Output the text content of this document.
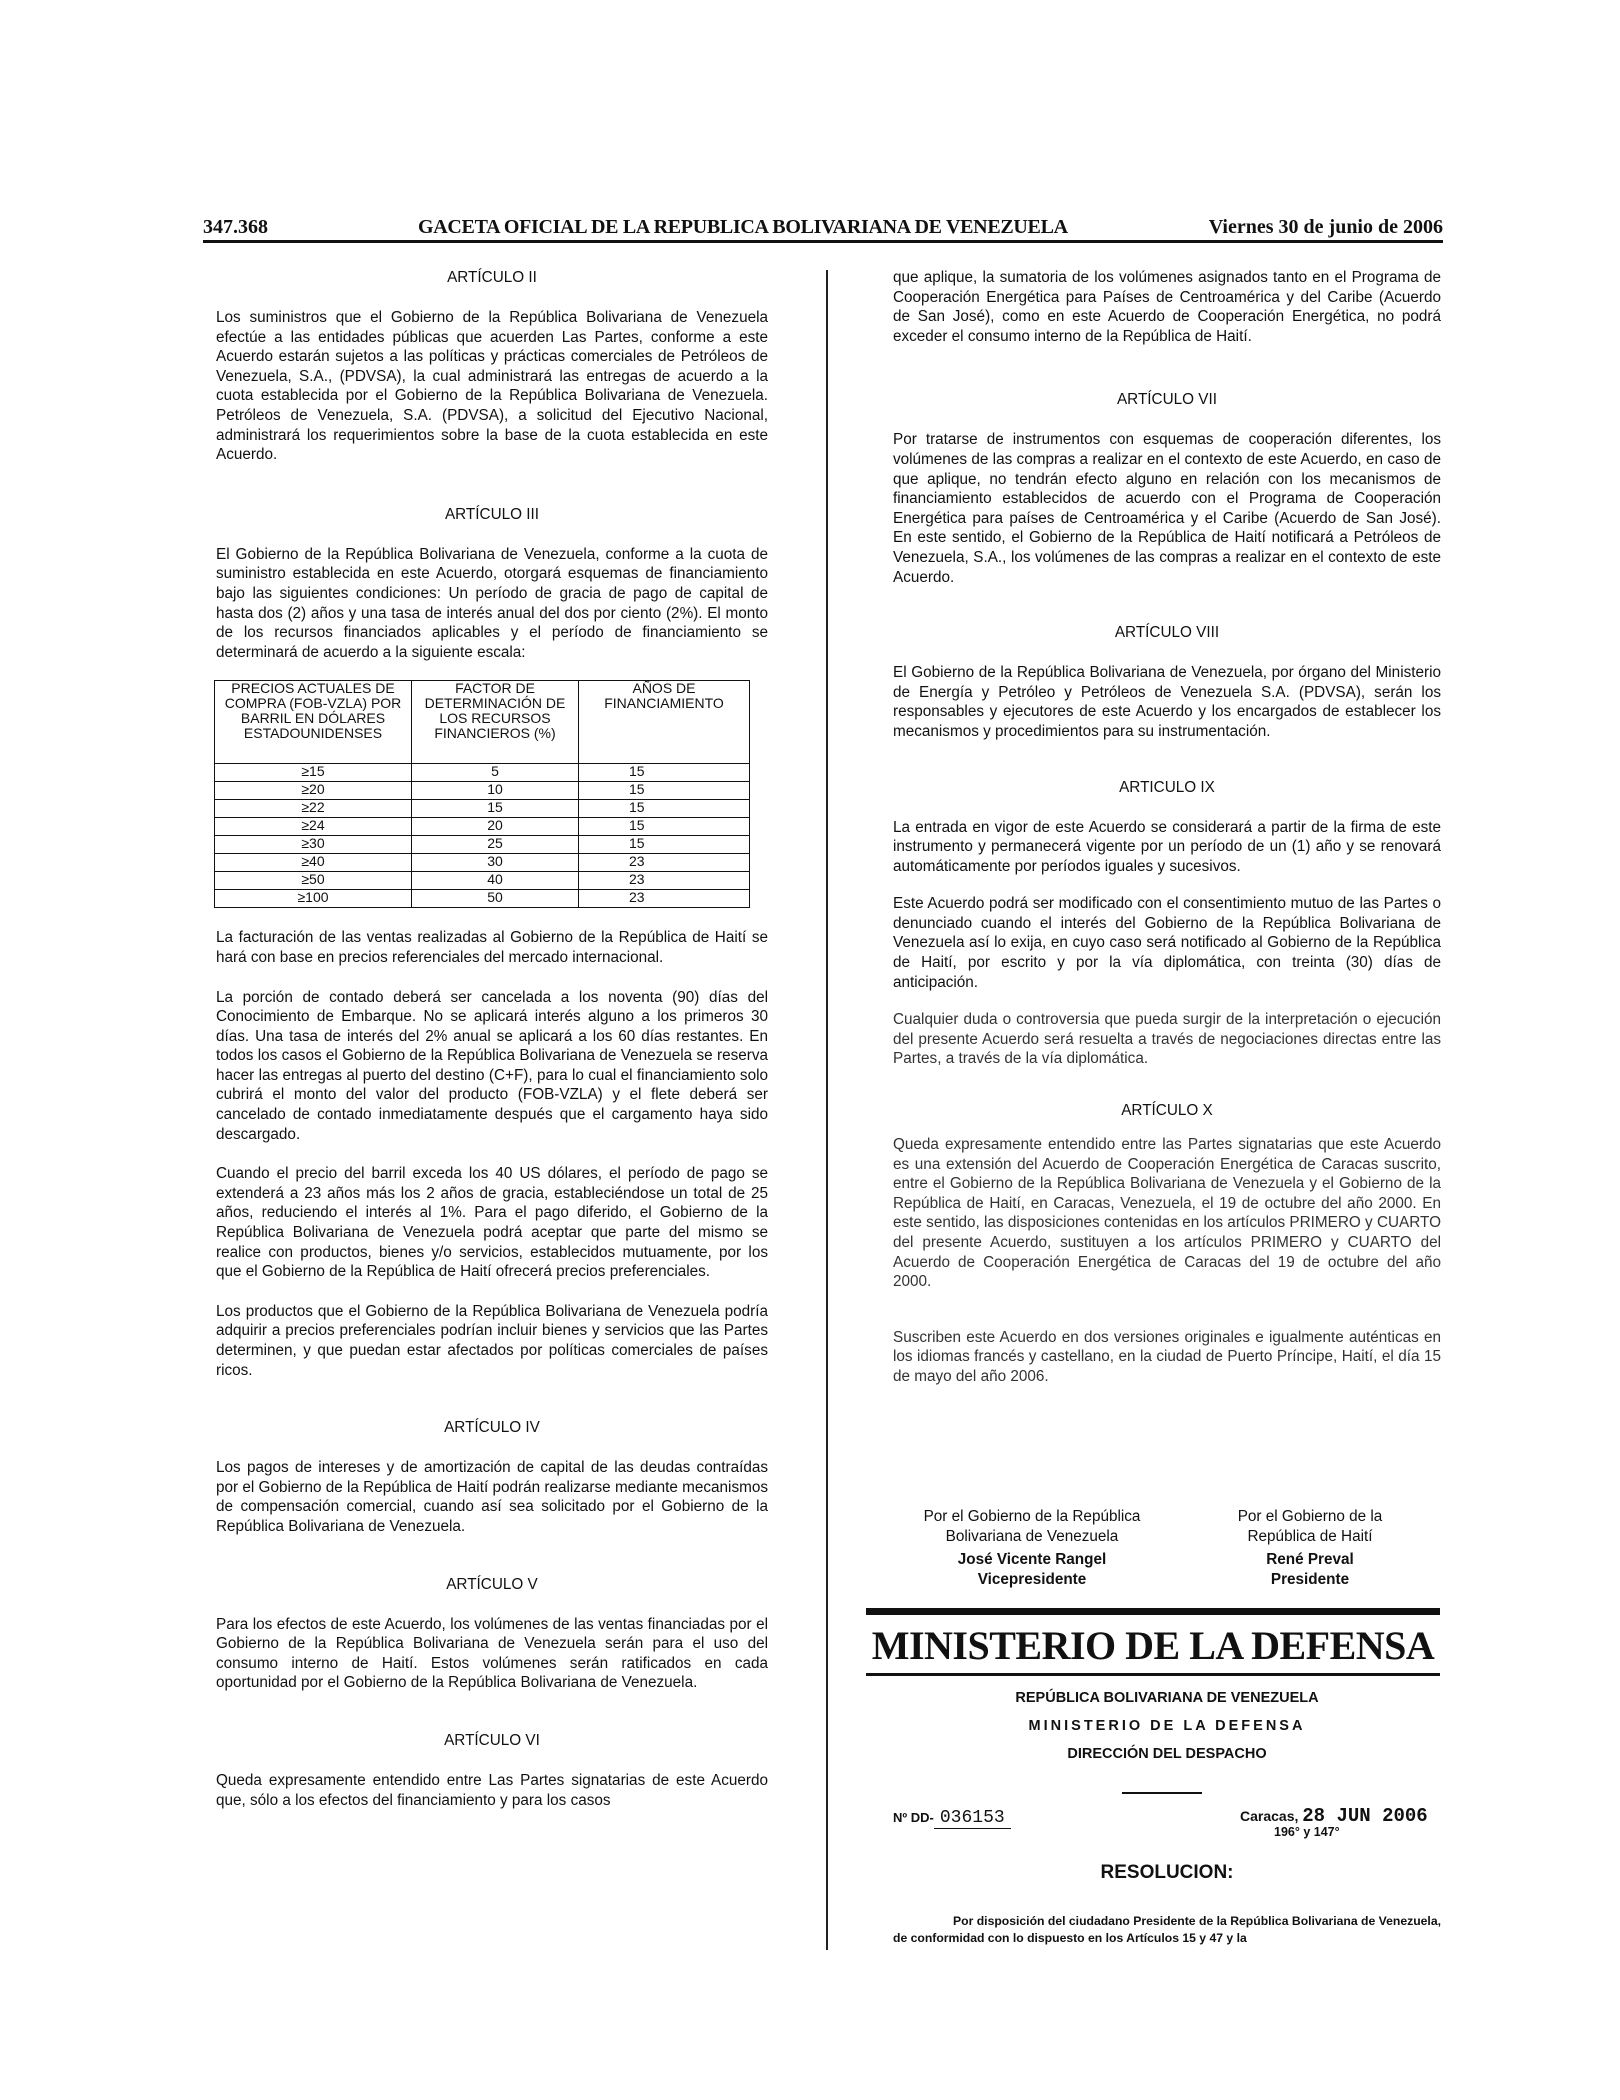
347.368	GACETA OFICIAL DE LA REPUBLICA BOLIVARIANA DE VENEZUELA	Viernes 30 de junio de 2006

ARTÍCULO II

Los suministros que el Gobierno de la República Bolivariana de Venezuela efectúe a las entidades públicas que acuerden Las Partes, conforme a este Acuerdo estarán sujetos a las políticas y prácticas comerciales de Petróleos de Venezuela, S.A., (PDVSA), la cual administrará las entregas de acuerdo a la cuota establecida por el Gobierno de la República Bolivariana de Venezuela. Petróleos de Venezuela, S.A. (PDVSA), a solicitud del Ejecutivo Nacional, administrará los requerimientos sobre la base de la cuota establecida en este Acuerdo.

ARTÍCULO III

El Gobierno de la República Bolivariana de Venezuela, conforme a la cuota de suministro establecida en este Acuerdo, otorgará esquemas de financiamiento bajo las siguientes condiciones: Un período de gracia de pago de capital de hasta dos (2) años y una tasa de interés anual del dos por ciento (2%). El monto de los recursos financiados aplicables y el período de financiamiento se determinará de acuerdo a la siguiente escala:

PRECIOS ACTUALES DE COMPRA (FOB-VZLA) POR BARRIL EN DÓLARES ESTADOUNIDENSES	FACTOR DE DETERMINACIÓN DE LOS RECURSOS FINANCIEROS (%)	AÑOS DE FINANCIAMIENTO
≥15	5	15
≥20	10	15
≥22	15	15
≥24	20	15
≥30	25	15
≥40	30	23
≥50	40	23
≥100	50	23

La facturación de las ventas realizadas al Gobierno de la República de Haití se hará con base en precios referenciales del mercado internacional.

La porción de contado deberá ser cancelada a los noventa (90) días del Conocimiento de Embarque. No se aplicará interés alguno a los primeros 30 días. Una tasa de interés del 2% anual se aplicará a los 60 días restantes. En todos los casos el Gobierno de la República Bolivariana de Venezuela se reserva hacer las entregas al puerto del destino (C+F), para lo cual el financiamiento solo cubrirá el monto del valor del producto (FOB-VZLA) y el flete deberá ser cancelado de contado inmediatamente después que el cargamento haya sido descargado.

Cuando el precio del barril exceda los 40 US dólares, el período de pago se extenderá a 23 años más los 2 años de gracia, estableciéndose un total de 25 años, reduciendo el interés al 1%. Para el pago diferido, el Gobierno de la República Bolivariana de Venezuela podrá aceptar que parte del mismo se realice con productos, bienes y/o servicios, establecidos mutuamente, por los que el Gobierno de la República de Haití ofrecerá precios preferenciales.

Los productos que el Gobierno de la República Bolivariana de Venezuela podría adquirir a precios preferenciales podrían incluir bienes y servicios que las Partes determinen, y que puedan estar afectados por políticas comerciales de países ricos.

ARTÍCULO IV

Los pagos de intereses y de amortización de capital de las deudas contraídas por el Gobierno de la República de Haití podrán realizarse mediante mecanismos de compensación comercial, cuando así sea solicitado por el Gobierno de la República Bolivariana de Venezuela.

ARTÍCULO V

Para los efectos de este Acuerdo, los volúmenes de las ventas financiadas por el Gobierno de la República Bolivariana de Venezuela serán para el uso del consumo interno de Haití. Estos volúmenes serán ratificados en cada oportunidad por el Gobierno de la República Bolivariana de Venezuela.

ARTÍCULO VI

Queda expresamente entendido entre Las Partes signatarias de este Acuerdo que, sólo a los efectos del financiamiento y para los casos

que aplique, la sumatoria de los volúmenes asignados tanto en el Programa de Cooperación Energética para Países de Centroamérica y del Caribe (Acuerdo de San José), como en este Acuerdo de Cooperación Energética, no podrá exceder el consumo interno de la República de Haití.

ARTÍCULO VII

Por tratarse de instrumentos con esquemas de cooperación diferentes, los volúmenes de las compras a realizar en el contexto de este Acuerdo, en caso de que aplique, no tendrán efecto alguno en relación con los mecanismos de financiamiento establecidos de acuerdo con el Programa de Cooperación Energética para países de Centroamérica y el Caribe (Acuerdo de San José). En este sentido, el Gobierno de la República de Haití notificará a Petróleos de Venezuela, S.A., los volúmenes de las compras a realizar en el contexto de este Acuerdo.

ARTÍCULO VIII

El Gobierno de la República Bolivariana de Venezuela, por órgano del Ministerio de Energía y Petróleo y Petróleos de Venezuela S.A. (PDVSA), serán los responsables y ejecutores de este Acuerdo y los encargados de establecer los mecanismos y procedimientos para su instrumentación.

ARTICULO IX

La entrada en vigor de este Acuerdo se considerará a partir de la firma de este instrumento y permanecerá vigente por un período de un (1) año y se renovará automáticamente por períodos iguales y sucesivos.

Este Acuerdo podrá ser modificado con el consentimiento mutuo de las Partes o denunciado cuando el interés del Gobierno de la República Bolivariana de Venezuela así lo exija, en cuyo caso será notificado al Gobierno de la República de Haití, por escrito y por la vía diplomática, con treinta (30) días de anticipación.

Cualquier duda o controversia que pueda surgir de la interpretación o ejecución del presente Acuerdo será resuelta a través de negociaciones directas entre las Partes, a través de la vía diplomática.

ARTÍCULO X

Queda expresamente entendido entre las Partes signatarias que este Acuerdo es una extensión del Acuerdo de Cooperación Energética de Caracas suscrito, entre el Gobierno de la República Bolivariana de Venezuela y el Gobierno de la República de Haití, en Caracas, Venezuela, el 19 de octubre del año 2000. En este sentido, las disposiciones contenidas en los artículos PRIMERO y CUARTO del presente Acuerdo, sustituyen a los artículos PRIMERO y CUARTO del Acuerdo de Cooperación Energética de Caracas del 19 de octubre del año 2000.

Suscriben este Acuerdo en dos versiones originales e igualmente auténticas en los idiomas francés y castellano, en la ciudad de Puerto Príncipe, Haití, el día 15 de mayo del año 2006.

Por el Gobierno de la República
Bolivariana de Venezuela
José Vicente Rangel
Vicepresidente
Por el Gobierno de la
República de Haití
René Preval
Presidente
MINISTERIO DE LA DEFENSA
REPÚBLICA BOLIVARIANA DE VENEZUELA
MINISTERIO DE LA DEFENSA
DIRECCIÓN DEL DESPACHO
Nº DD- 036153	Caracas, 28 JUN 2006
196° y 147°
RESOLUCION:
Por disposición del ciudadano Presidente de la República Bolivariana de Venezuela, de conformidad con lo dispuesto en los Artículos 15 y 47 y la
